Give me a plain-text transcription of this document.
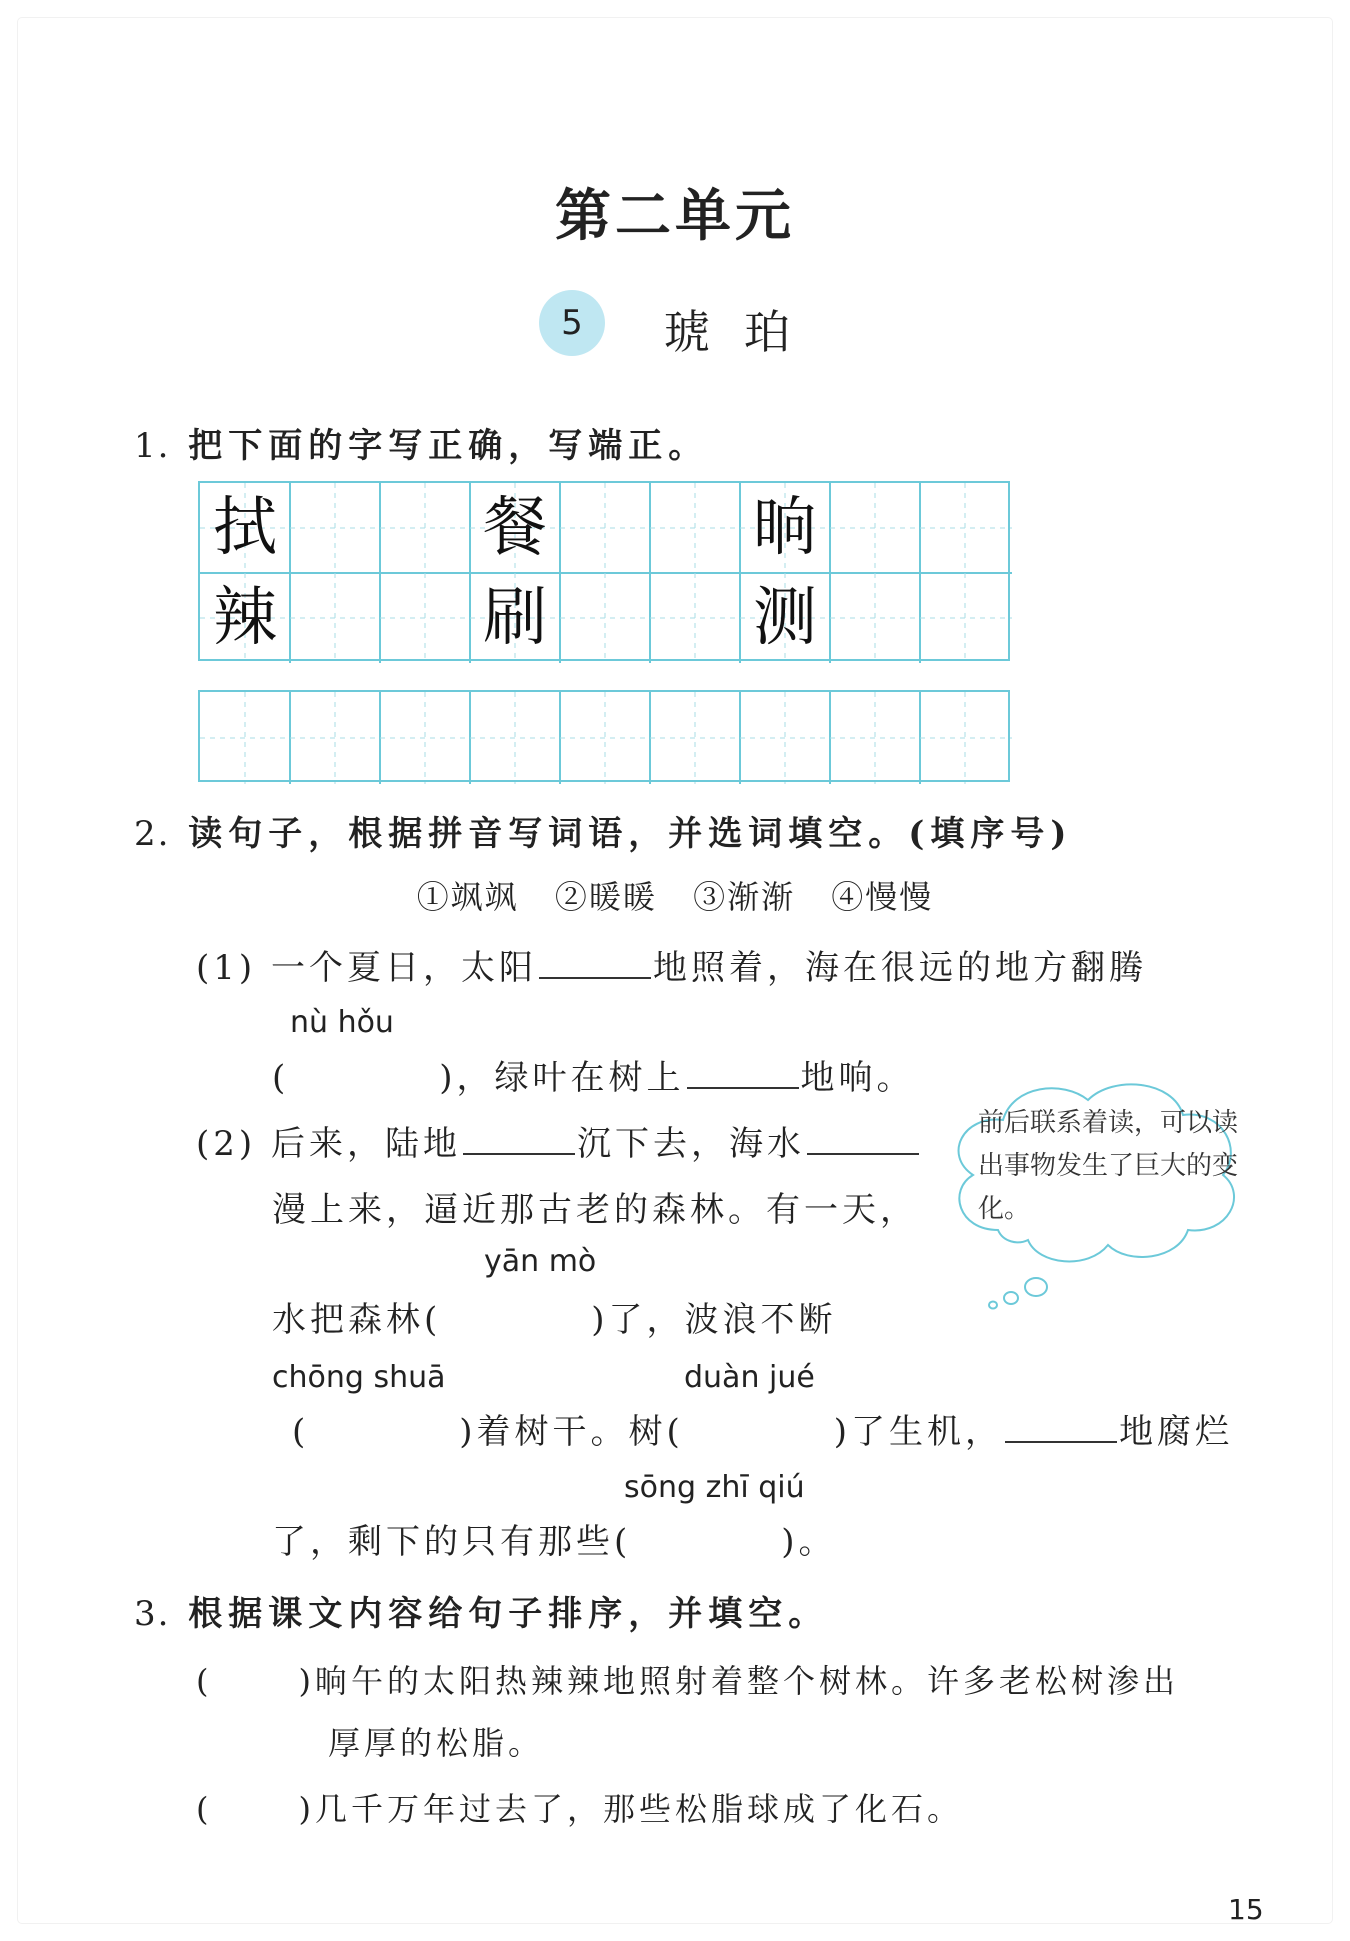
第二单元
5	琥珀
1. 把下面的字写正确，写端正。
拭	餐	晌
辣	刷	测
2. 读句子，根据拼音写词语，并选词填空。(填序号)
①飒飒 ②暖暖 ③渐渐 ④慢慢
(1) 一个夏日，太阳	地照着，海在很远的地方翻腾
nù hǒu
(	)，绿叶在树上	地响。
(2) 后来，陆地	沉下去，海水
漫上来，逼近那古老的森林。有一天，
yān mò
水把森林(	)了，波浪不断
chōng shuā	duàn jué
(	)着树干。树(	)了生机，	地腐烂
sōng zhī qiú
了，剩下的只有那些(	)。
前后联系着读，可以读出事物发生了巨大的变化。
3. 根据课文内容给句子排序，并填空。
(	)晌午的太阳热辣辣地照射着整个树林。许多老松树渗出
厚厚的松脂。
(	)几千万年过去了，那些松脂球成了化石。
15
